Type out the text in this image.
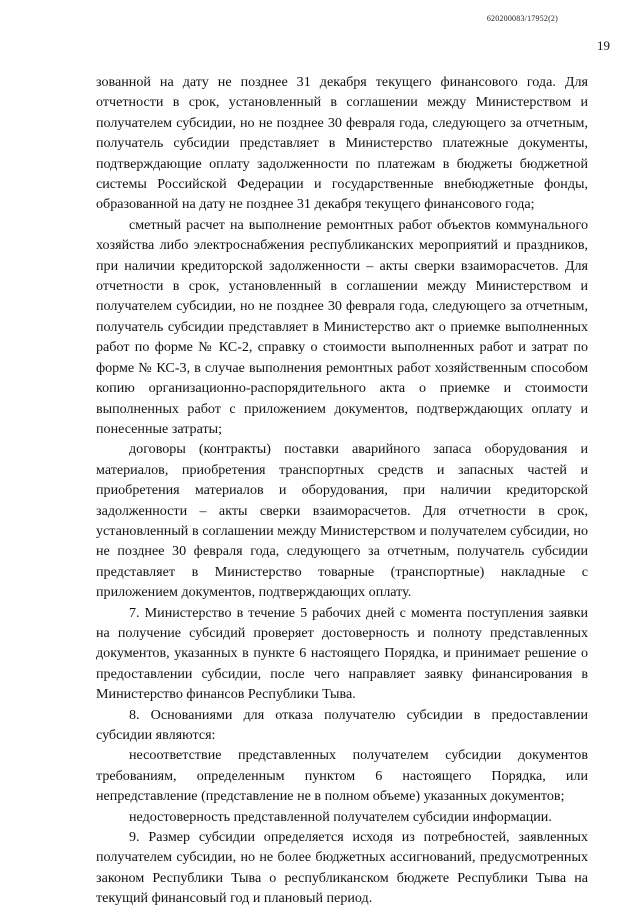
620200083/17952(2)
19

зованной на дату не позднее 31 декабря текущего финансового года. Для отчетности в срок, установленный в соглашении между Министерством и получателем субсидии, но не позднее 30 февраля года, следующего за отчетным, получатель субсидии представляет в Министерство платежные документы, подтверждающие оплату задолженности по платежам в бюджеты бюджетной системы Российской Федерации и государственные внебюджетные фонды, образованной на дату не позднее 31 декабря текущего финансового года;

сметный расчет на выполнение ремонтных работ объектов коммунального хозяйства либо электроснабжения республиканских мероприятий и праздников, при наличии кредиторской задолженности – акты сверки взаиморасчетов. Для отчетности в срок, установленный в соглашении между Министерством и получателем субсидии, но не позднее 30 февраля года, следующего за отчетным, получатель субсидии представляет в Министерство акт о приемке выполненных работ по форме № КС-2, справку о стоимости выполненных работ и затрат по форме № КС-3, в случае выполнения ремонтных работ хозяйственным способом копию организационно-распорядительного акта о приемке и стоимости выполненных работ с приложением документов, подтверждающих оплату и понесенные затраты;

договоры (контракты) поставки аварийного запаса оборудования и материалов, приобретения транспортных средств и запасных частей и приобретения материалов и оборудования, при наличии кредиторской задолженности – акты сверки взаиморасчетов. Для отчетности в срок, установленный в соглашении между Министерством и получателем субсидии, но не позднее 30 февраля года, следующего за отчетным, получатель субсидии представляет в Министерство товарные (транспортные) накладные с приложением документов, подтверждающих оплату.

7. Министерство в течение 5 рабочих дней с момента поступления заявки на получение субсидий проверяет достоверность и полноту представленных документов, указанных в пункте 6 настоящего Порядка, и принимает решение о предоставлении субсидии, после чего направляет заявку финансирования в Министерство финансов Республики Тыва.

8. Основаниями для отказа получателю субсидии в предоставлении субсидии являются:

несоответствие представленных получателем субсидии документов требованиям, определенным пунктом 6 настоящего Порядка, или непредставление (представление не в полном объеме) указанных документов;

недостоверность представленной получателем субсидии информации.

9. Размер субсидии определяется исходя из потребностей, заявленных получателем субсидии, но не более бюджетных ассигнований, предусмотренных законом Республики Тыва о республиканском бюджете Республики Тыва на текущий финансовый год и плановый период.
